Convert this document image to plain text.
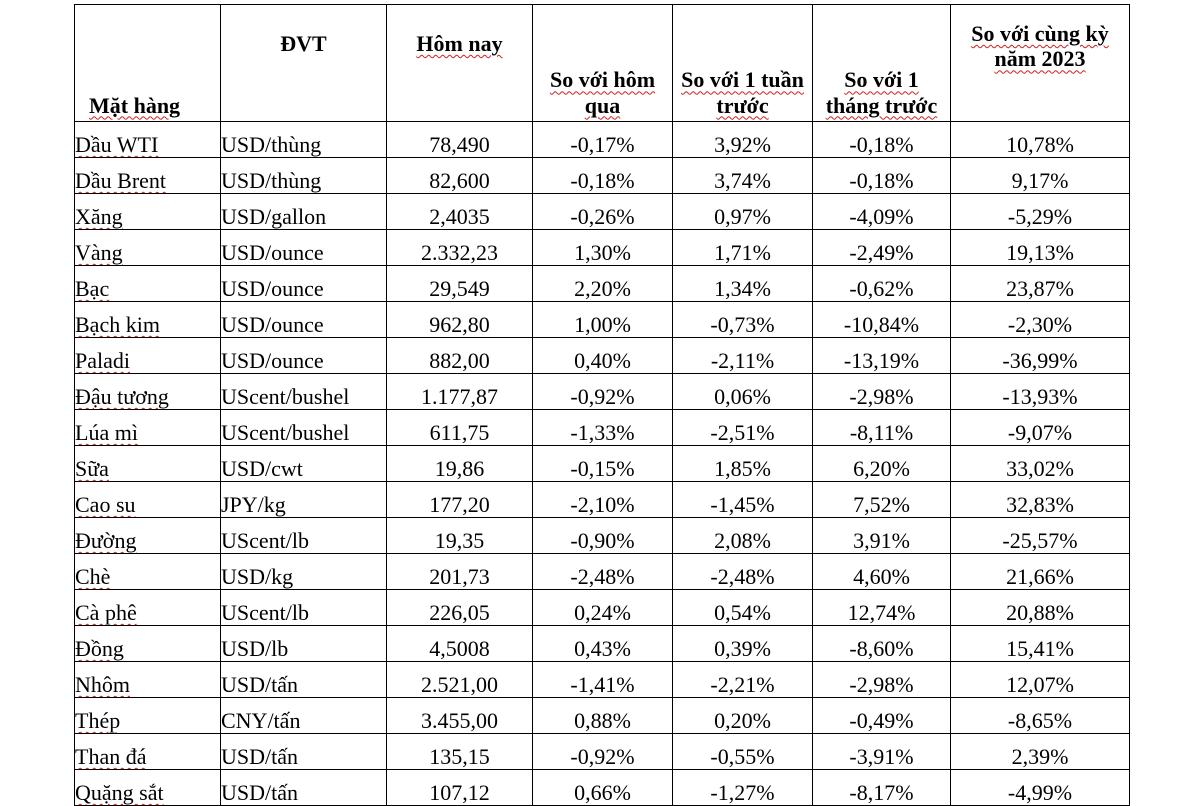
Mặt hàng	ĐVT	Hôm nay	So với hôm qua	So với 1 tuần trước	So với 1 tháng trước	So với cùng kỳ năm 2023
Dầu WTI	USD/thùng	78,490	-0,17%	3,92%	-0,18%	10,78%
Dầu Brent	USD/thùng	82,600	-0,18%	3,74%	-0,18%	9,17%
Xăng	USD/gallon	2,4035	-0,26%	0,97%	-4,09%	-5,29%
Vàng	USD/ounce	2.332,23	1,30%	1,71%	-2,49%	19,13%
Bạc	USD/ounce	29,549	2,20%	1,34%	-0,62%	23,87%
Bạch kim	USD/ounce	962,80	1,00%	-0,73%	-10,84%	-2,30%
Paladi	USD/ounce	882,00	0,40%	-2,11%	-13,19%	-36,99%
Đậu tương	UScent/bushel	1.177,87	-0,92%	0,06%	-2,98%	-13,93%
Lúa mì	UScent/bushel	611,75	-1,33%	-2,51%	-8,11%	-9,07%
Sữa	USD/cwt	19,86	-0,15%	1,85%	6,20%	33,02%
Cao su	JPY/kg	177,20	-2,10%	-1,45%	7,52%	32,83%
Đường	UScent/lb	19,35	-0,90%	2,08%	3,91%	-25,57%
Chè	USD/kg	201,73	-2,48%	-2,48%	4,60%	21,66%
Cà phê	UScent/lb	226,05	0,24%	0,54%	12,74%	20,88%
Đồng	USD/lb	4,5008	0,43%	0,39%	-8,60%	15,41%
Nhôm	USD/tấn	2.521,00	-1,41%	-2,21%	-2,98%	12,07%
Thép	CNY/tấn	3.455,00	0,88%	0,20%	-0,49%	-8,65%
Than đá	USD/tấn	135,15	-0,92%	-0,55%	-3,91%	2,39%
Quặng sắt	USD/tấn	107,12	0,66%	-1,27%	-8,17%	-4,99%
